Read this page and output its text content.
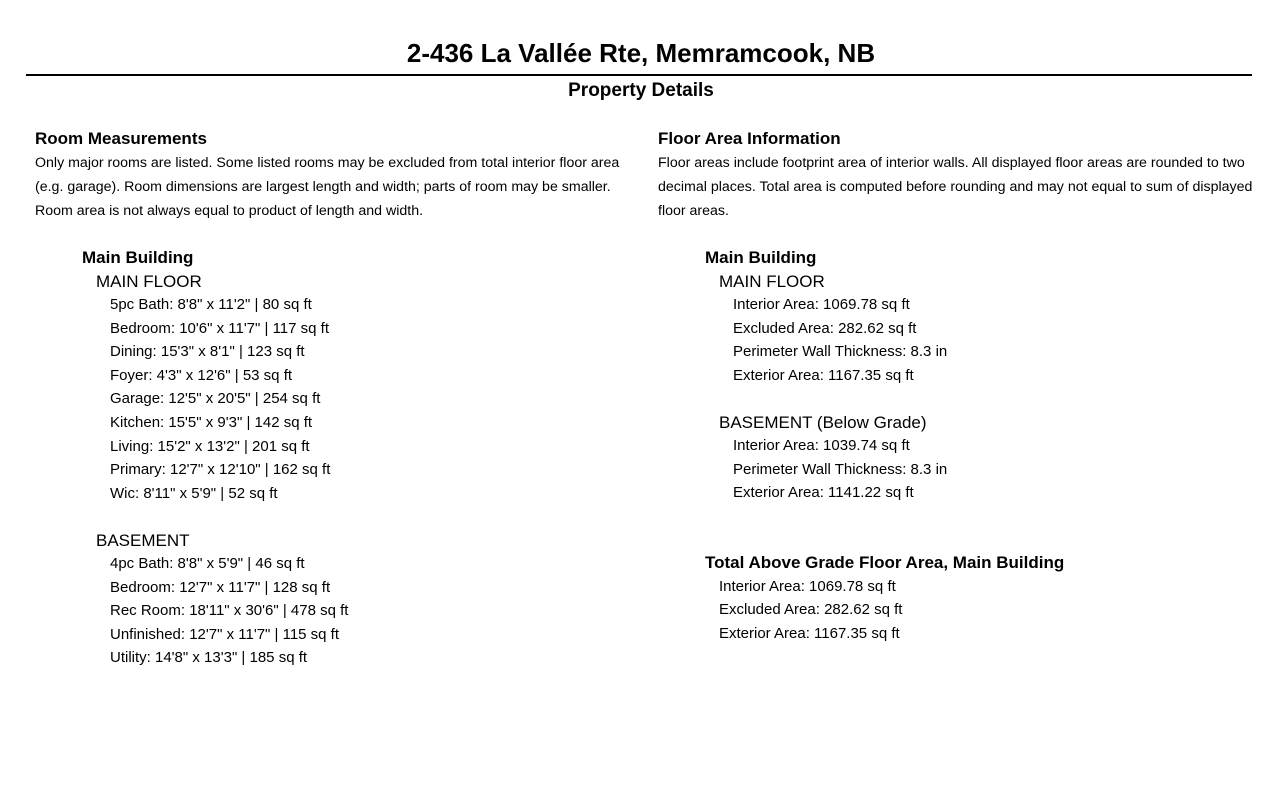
2-436 La Vallée Rte, Memramcook, NB
Property Details
Room Measurements
Only major rooms are listed. Some listed rooms may be excluded from total interior floor area (e.g. garage). Room dimensions are largest length and width; parts of room may be smaller. Room area is not always equal to product of length and width.
Main Building
MAIN FLOOR
5pc Bath: 8'8" x 11'2" | 80 sq ft
Bedroom: 10'6" x 11'7" | 117 sq ft
Dining: 15'3" x 8'1" | 123 sq ft
Foyer: 4'3" x 12'6" | 53 sq ft
Garage: 12'5" x 20'5" | 254 sq ft
Kitchen: 15'5" x 9'3" | 142 sq ft
Living: 15'2" x 13'2" | 201 sq ft
Primary: 12'7" x 12'10" | 162 sq ft
Wic: 8'11" x 5'9" | 52 sq ft
BASEMENT
4pc Bath: 8'8" x 5'9" | 46 sq ft
Bedroom: 12'7" x 11'7" | 128 sq ft
Rec Room: 18'11" x 30'6" | 478 sq ft
Unfinished: 12'7" x 11'7" | 115 sq ft
Utility: 14'8" x 13'3" | 185 sq ft
Floor Area Information
Floor areas include footprint area of interior walls. All displayed floor areas are rounded to two decimal places. Total area is computed before rounding and may not equal to sum of displayed floor areas.
Main Building
MAIN FLOOR
Interior Area: 1069.78 sq ft
Excluded Area: 282.62 sq ft
Perimeter Wall Thickness: 8.3 in
Exterior Area: 1167.35 sq ft
BASEMENT (Below Grade)
Interior Area: 1039.74 sq ft
Perimeter Wall Thickness: 8.3 in
Exterior Area: 1141.22 sq ft
Total Above Grade Floor Area, Main Building
Interior Area: 1069.78 sq ft
Excluded Area: 282.62 sq ft
Exterior Area: 1167.35 sq ft
